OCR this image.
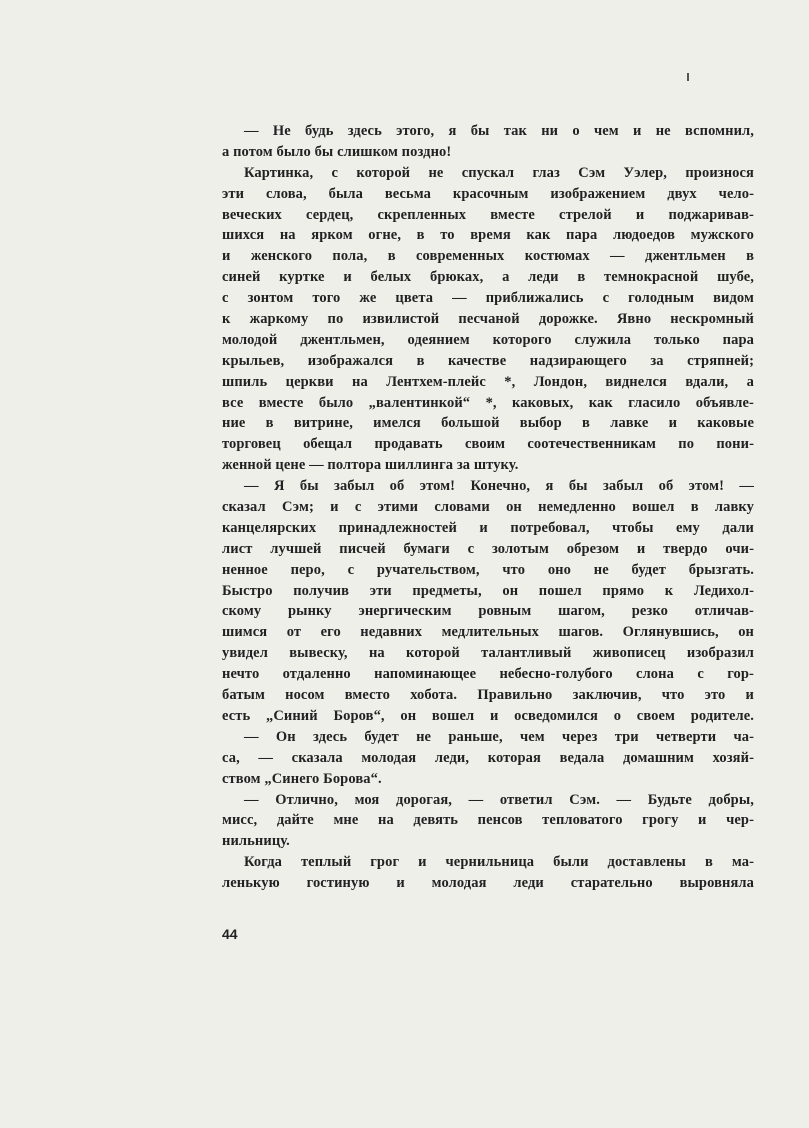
— Не будь здесь этого, я бы так ни о чем и не вспомнил,
а потом было бы слишком поздно!
Картинка, с которой не спускал глаз Сэм Уэлер, произнося
эти слова, была весьма красочным изображением двух чело-
веческих сердец, скрепленных вместе стрелой и поджаривав-
шихся на ярком огне, в то время как пара людоедов мужского
и женского пола, в современных костюмах — джентльмен в
синей куртке и белых брюках, а леди в темнокрасной шубе,
с зонтом того же цвета — приближались с голодным видом
к жаркому по извилистой песчаной дорожке. Явно нескромный
молодой джентльмен, одеянием которого служила только пара
крыльев, изображался в качестве надзирающего за стряпней;
шпиль церкви на Лентхем-плейс *, Лондон, виднелся вдали, а
все вместе было „валентинкой“ *, каковых, как гласило объявле-
ние в витрине, имелся большой выбор в лавке и каковые
торговец обещал продавать своим соотечественникам по пони-
женной цене — полтора шиллинга за штуку.
— Я бы забыл об этом! Конечно, я бы забыл об этом! —
сказал Сэм; и с этими словами он немедленно вошел в лавку
канцелярских принадлежностей и потребовал, чтобы ему дали
лист лучшей писчей бумаги с золотым обрезом и твердо очи-
ненное перо, с ручательством, что оно не будет брызгать.
Быстро получив эти предметы, он пошел прямо к Ледихол-
скому рынку энергическим ровным шагом, резко отличав-
шимся от его недавних медлительных шагов. Оглянувшись, он
увидел вывеску, на которой талантливый живописец изобразил
нечто отдаленно напоминающее небесно-голубого слона с гор-
батым носом вместо хобота. Правильно заключив, что это и
есть „Синий Боров“, он вошел и осведомился о своем родителе.
— Он здесь будет не раньше, чем через три четверти ча-
са, — сказала молодая леди, которая ведала домашним хозяй-
ством „Синего Борова“.
— Отлично, моя дорогая, — ответил Сэм. — Будьте добры,
мисс, дайте мне на девять пенсов тепловатого грогу и чер-
нильницу.
Когда теплый грог и чернильница были доставлены в ма-
ленькую гостиную и молодая леди старательно выровняла
44
